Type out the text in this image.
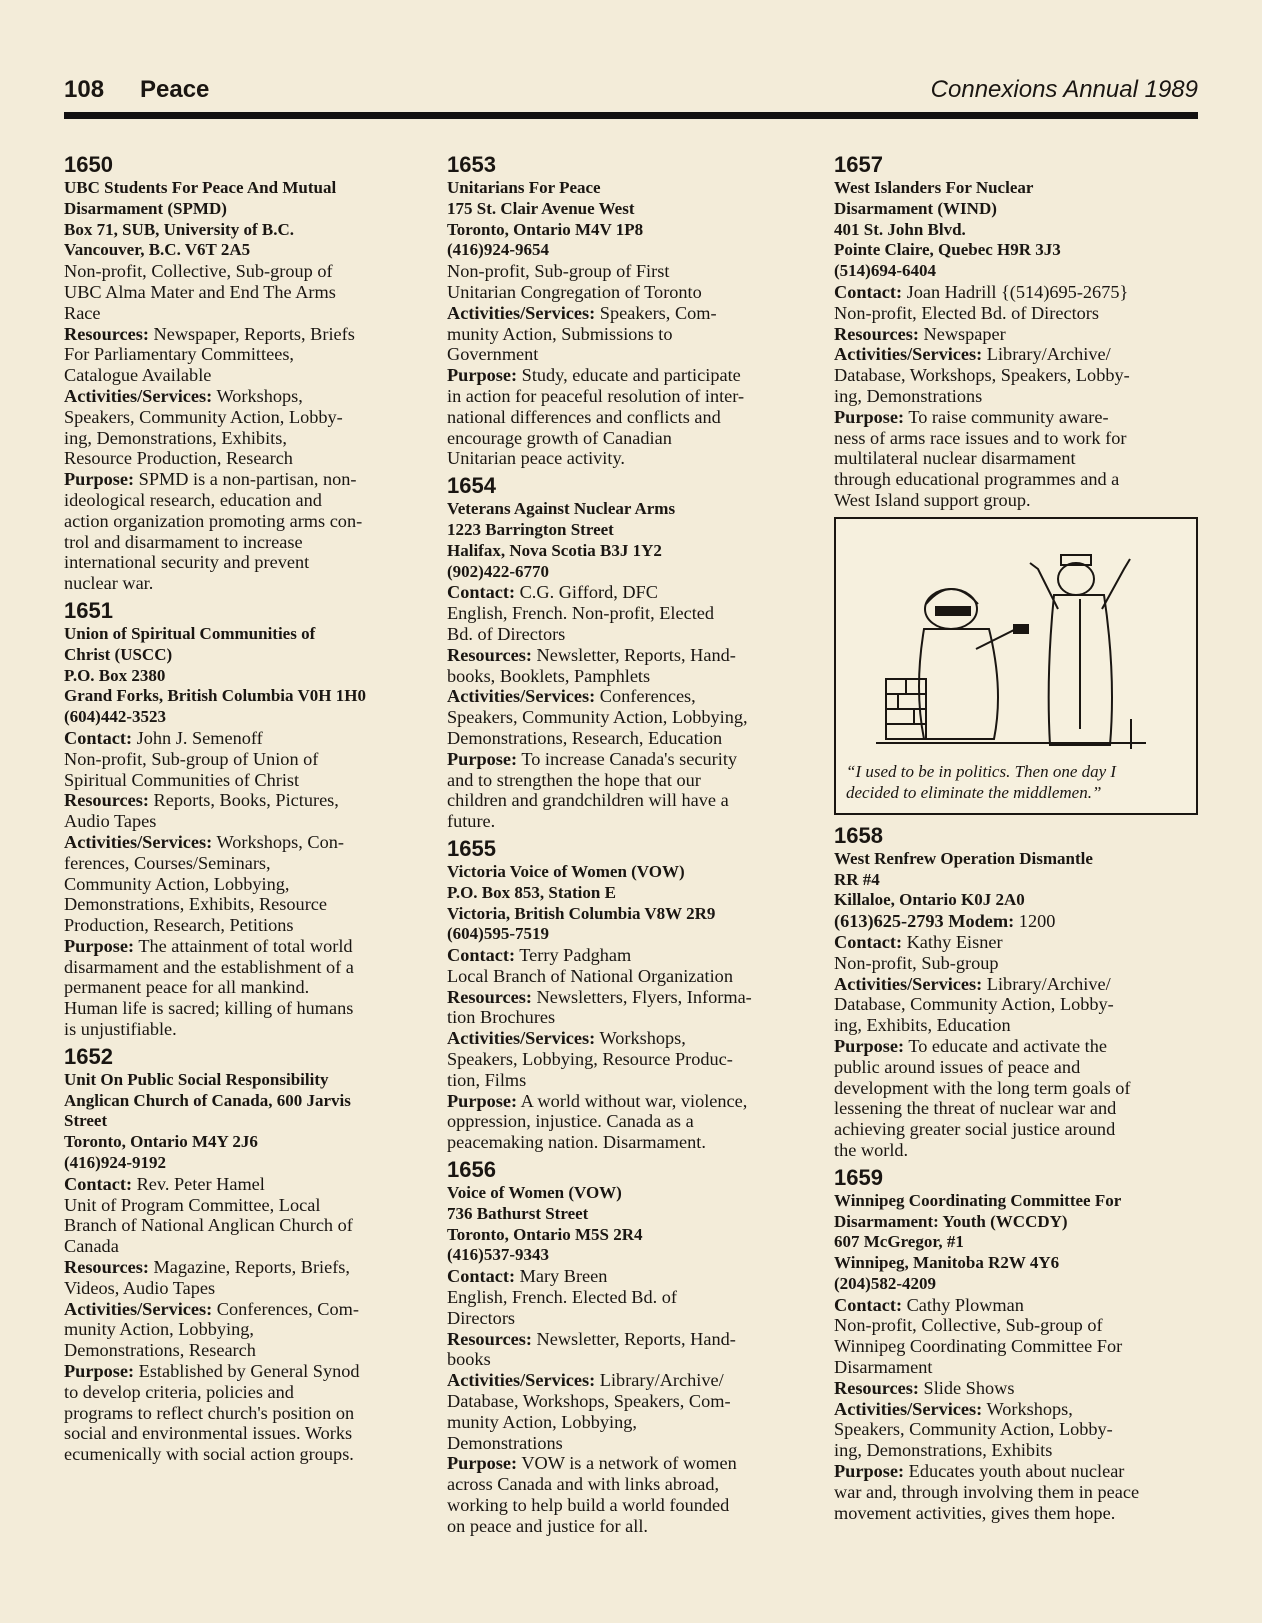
108 Peace	Connexions Annual 1989
1650
UBC Students For Peace And Mutual
Disarmament (SPMD)
Box 71, SUB, University of B.C.
Vancouver, B.C. V6T 2A5
Non-profit, Collective, Sub-group of
UBC Alma Mater and End The Arms
Race
Resources: Newspaper, Reports, Briefs
For Parliamentary Committees,
Catalogue Available
Activities/Services: Workshops,
Speakers, Community Action, Lobby-
ing, Demonstrations, Exhibits,
Resource Production, Research
Purpose: SPMD is a non-partisan, non-
ideological research, education and
action organization promoting arms con-
trol and disarmament to increase
international security and prevent
nuclear war.
1651
Union of Spiritual Communities of
Christ (USCC)
P.O. Box 2380
Grand Forks, British Columbia V0H 1H0
(604)442-3523
Contact: John J. Semenoff
Non-profit, Sub-group of Union of
Spiritual Communities of Christ
Resources: Reports, Books, Pictures,
Audio Tapes
Activities/Services: Workshops, Con-
ferences, Courses/Seminars,
Community Action, Lobbying,
Demonstrations, Exhibits, Resource
Production, Research, Petitions
Purpose: The attainment of total world
disarmament and the establishment of a
permanent peace for all mankind.
Human life is sacred; killing of humans
is unjustifiable.
1652
Unit On Public Social Responsibility
Anglican Church of Canada, 600 Jarvis
Street
Toronto, Ontario M4Y 2J6
(416)924-9192
Contact: Rev. Peter Hamel
Unit of Program Committee, Local
Branch of National Anglican Church of
Canada
Resources: Magazine, Reports, Briefs,
Videos, Audio Tapes
Activities/Services: Conferences, Com-
munity Action, Lobbying,
Demonstrations, Research
Purpose: Established by General Synod
to develop criteria, policies and
programs to reflect church's position on
social and environmental issues. Works
ecumenically with social action groups.
1653
Unitarians For Peace
175 St. Clair Avenue West
Toronto, Ontario M4V 1P8
(416)924-9654
Non-profit, Sub-group of First
Unitarian Congregation of Toronto
Activities/Services: Speakers, Com-
munity Action, Submissions to
Government
Purpose: Study, educate and participate
in action for peaceful resolution of inter-
national differences and conflicts and
encourage growth of Canadian
Unitarian peace activity.
1654
Veterans Against Nuclear Arms
1223 Barrington Street
Halifax, Nova Scotia B3J 1Y2
(902)422-6770
Contact: C.G. Gifford, DFC
English, French. Non-profit, Elected
Bd. of Directors
Resources: Newsletter, Reports, Hand-
books, Booklets, Pamphlets
Activities/Services: Conferences,
Speakers, Community Action, Lobbying,
Demonstrations, Research, Education
Purpose: To increase Canada's security
and to strengthen the hope that our
children and grandchildren will have a
future.
1655
Victoria Voice of Women (VOW)
P.O. Box 853, Station E
Victoria, British Columbia V8W 2R9
(604)595-7519
Contact: Terry Padgham
Local Branch of National Organization
Resources: Newsletters, Flyers, Informa-
tion Brochures
Activities/Services: Workshops,
Speakers, Lobbying, Resource Produc-
tion, Films
Purpose: A world without war, violence,
oppression, injustice. Canada as a
peacemaking nation. Disarmament.
1656
Voice of Women (VOW)
736 Bathurst Street
Toronto, Ontario M5S 2R4
(416)537-9343
Contact: Mary Breen
English, French. Elected Bd. of
Directors
Resources: Newsletter, Reports, Hand-
books
Activities/Services: Library/Archive/
Database, Workshops, Speakers, Com-
munity Action, Lobbying,
Demonstrations
Purpose: VOW is a network of women
across Canada and with links abroad,
working to help build a world founded
on peace and justice for all.
1657
West Islanders For Nuclear
Disarmament (WIND)
401 St. John Blvd.
Pointe Claire, Quebec H9R 3J3
(514)694-6404
Contact: Joan Hadrill {(514)695-2675}
Non-profit, Elected Bd. of Directors
Resources: Newspaper
Activities/Services: Library/Archive/
Database, Workshops, Speakers, Lobby-
ing, Demonstrations
Purpose: To raise community aware-
ness of arms race issues and to work for
multilateral nuclear disarmament
through educational programmes and a
West Island support group.
“I used to be in politics. Then one day I
decided to eliminate the middlemen.”
1658
West Renfrew Operation Dismantle
RR #4
Killaloe, Ontario K0J 2A0
(613)625-2793 Modem: 1200
Contact: Kathy Eisner
Non-profit, Sub-group
Activities/Services: Library/Archive/
Database, Community Action, Lobby-
ing, Exhibits, Education
Purpose: To educate and activate the
public around issues of peace and
development with the long term goals of
lessening the threat of nuclear war and
achieving greater social justice around
the world.
1659
Winnipeg Coordinating Committee For
Disarmament: Youth (WCCDY)
607 McGregor, #1
Winnipeg, Manitoba R2W 4Y6
(204)582-4209
Contact: Cathy Plowman
Non-profit, Collective, Sub-group of
Winnipeg Coordinating Committee For
Disarmament
Resources: Slide Shows
Activities/Services: Workshops,
Speakers, Community Action, Lobby-
ing, Demonstrations, Exhibits
Purpose: Educates youth about nuclear
war and, through involving them in peace
movement activities, gives them hope.
